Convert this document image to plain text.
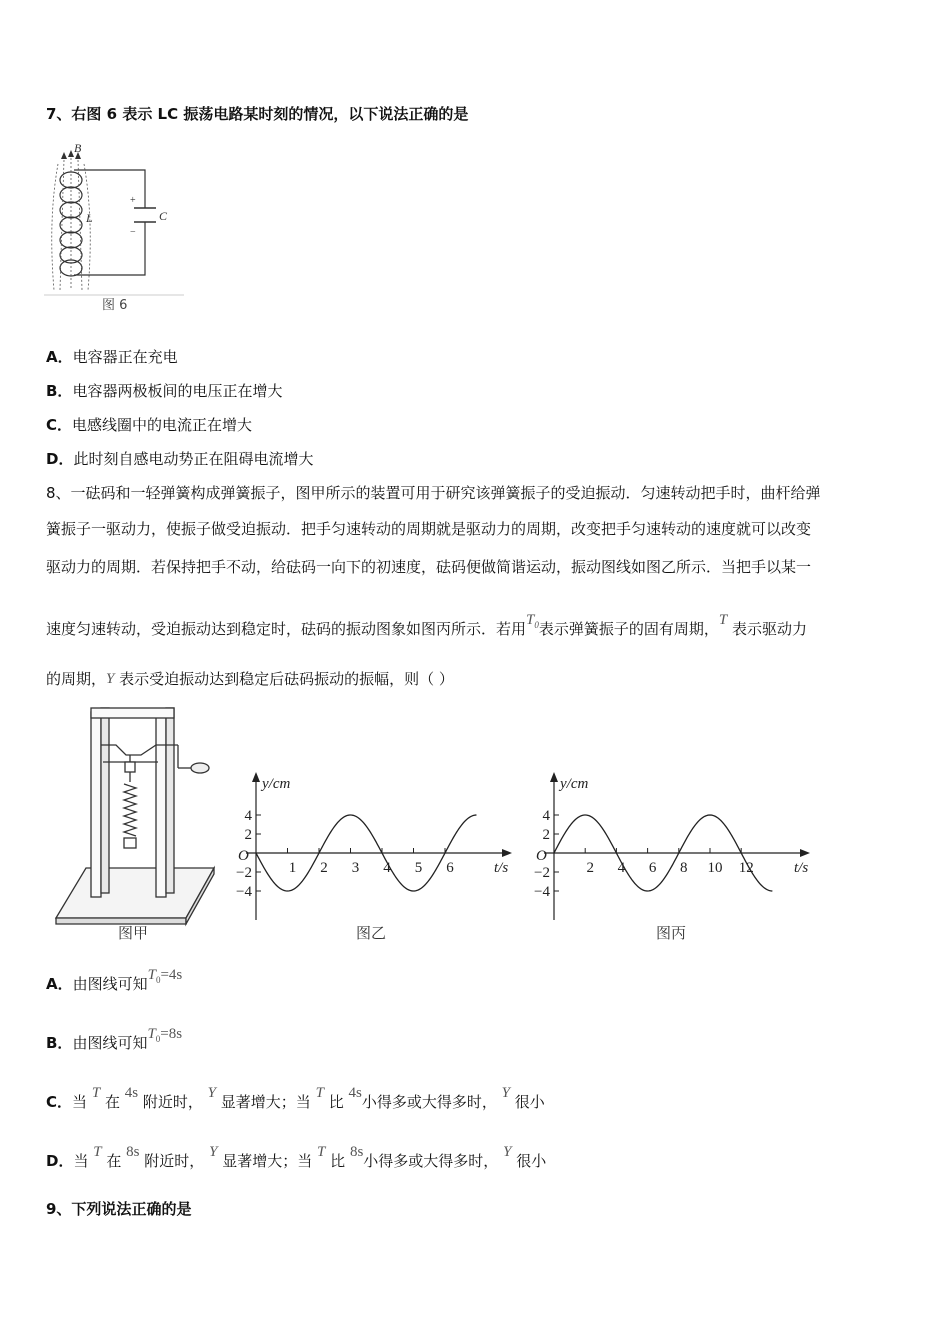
7、右图 6 表示 LC 振荡电路某时刻的情况，以下说法正确的是
+
−
C
B
L
图 6
A．电容器正在充电
B．电容器两极板间的电压正在增大
C．电感线圈中的电流正在增大
D．此时刻自感电动势正在阻碍电流增大
8、一砝码和一轻弹簧构成弹簧振子，图甲所示的装置可用于研究该弹簧振子的受迫振动．匀速转动把手时，曲杆给弹
簧振子一驱动力，使振子做受迫振动．把手匀速转动的周期就是驱动力的周期，改变把手匀速转动的速度就可以改变
驱动力的周期．若保持把手不动，给砝码一向下的初速度，砝码便做简谐运动，振动图线如图乙所示．当把手以某一
速度匀速转动，受迫振动达到稳定时，砝码的振动图象如图丙所示．若用$T^0$表示弹簧振子的固有周期，T 表示驱动力
的周期，Y 表示受迫振动达到稳定后砝码振动的振幅，则（ ）
图甲
y/cm
t/s
O
4
2
−2
−4
1 2 3 4 5 6
图乙
y/cm
t/s
O
4
2
−2
−4
2 4 6 8 10 12
图丙
A．由图线可知$T^0=4s$
B．由图线可知$T^0=8s$
C．当 T 在 4s 附近时， Y 显著增大；当 T 比 4s小得多或大得多时， Y 很小
D．当 T 在 8s 附近时， Y 显著增大；当 T 比 8s小得多或大得多时， Y 很小
9、下列说法正确的是
